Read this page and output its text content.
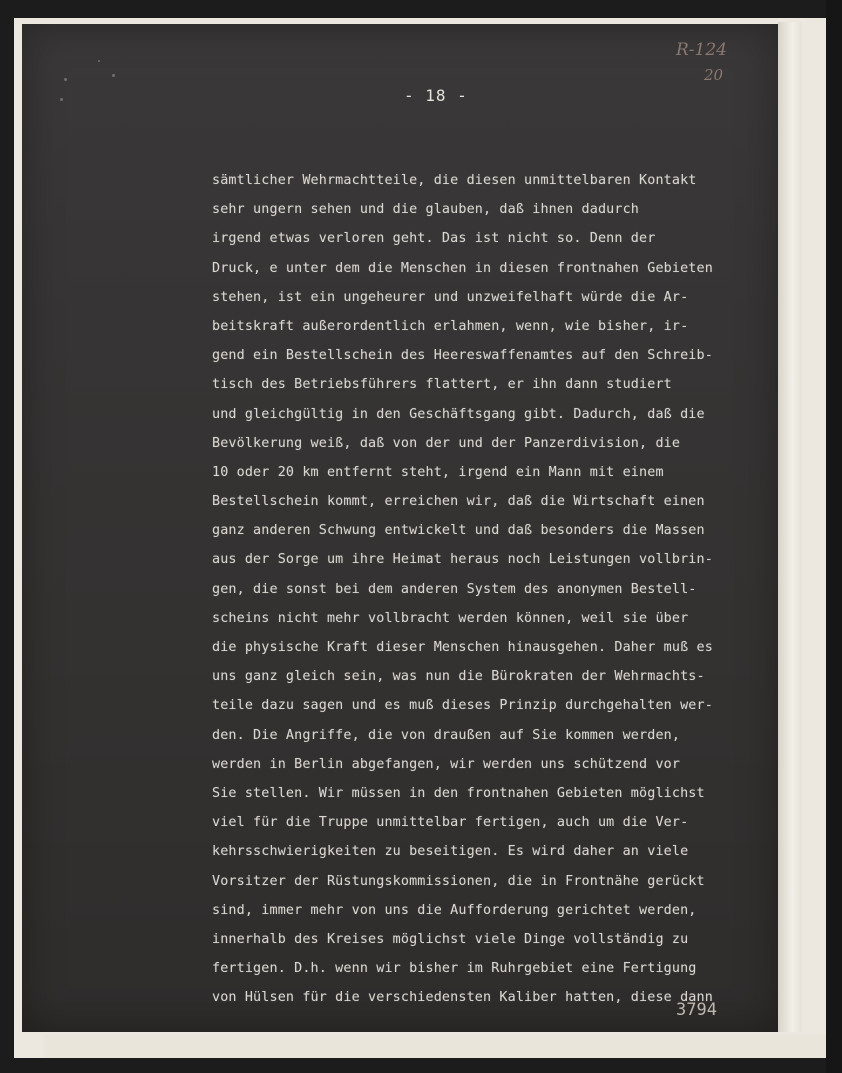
- 18 -
R-124
20
sämtlicher Wehrmachtteile, die diesen unmittelbaren Kontakt
sehr ungern sehen und die glauben, daß ihnen dadurch
irgend etwas verloren geht. Das ist nicht so. Denn der
Druck, e unter dem die Menschen in diesen frontnahen Gebieten
stehen, ist ein ungeheurer und unzweifelhaft würde die Ar-
beitskraft außerordentlich erlahmen, wenn, wie bisher, ir-
gend ein Bestellschein des Heereswaffenamtes auf den Schreib-
tisch des Betriebsführers flattert, er ihn dann studiert
und gleichgültig in den Geschäftsgang gibt. Dadurch, daß die
Bevölkerung weiß, daß von der und der Panzerdivision, die
10 oder 20 km entfernt steht, irgend ein Mann mit einem
Bestellschein kommt, erreichen wir, daß die Wirtschaft einen
ganz anderen Schwung entwickelt und daß besonders die Massen
aus der Sorge um ihre Heimat heraus noch Leistungen vollbrin-
gen, die sonst bei dem anderen System des anonymen Bestell-
scheins nicht mehr vollbracht werden können, weil sie über
die physische Kraft dieser Menschen hinausgehen. Daher muß es
uns ganz gleich sein, was nun die Bürokraten der Wehrmachts-
teile dazu sagen und es muß dieses Prinzip durchgehalten wer-
den. Die Angriffe, die von draußen auf Sie kommen werden,
werden in Berlin abgefangen, wir werden uns schützend vor
Sie stellen. Wir müssen in den frontnahen Gebieten möglichst
viel für die Truppe unmittelbar fertigen, auch um die Ver-
kehrsschwierigkeiten zu beseitigen. Es wird daher an viele
Vorsitzer der Rüstungskommissionen, die in Frontnähe gerückt
sind, immer mehr von uns die Aufforderung gerichtet werden,
innerhalb des Kreises möglichst viele Dinge vollständig zu
fertigen. D.h. wenn wir bisher im Ruhrgebiet eine Fertigung
von Hülsen für die verschiedensten Kaliber hatten, diese dann
3794
